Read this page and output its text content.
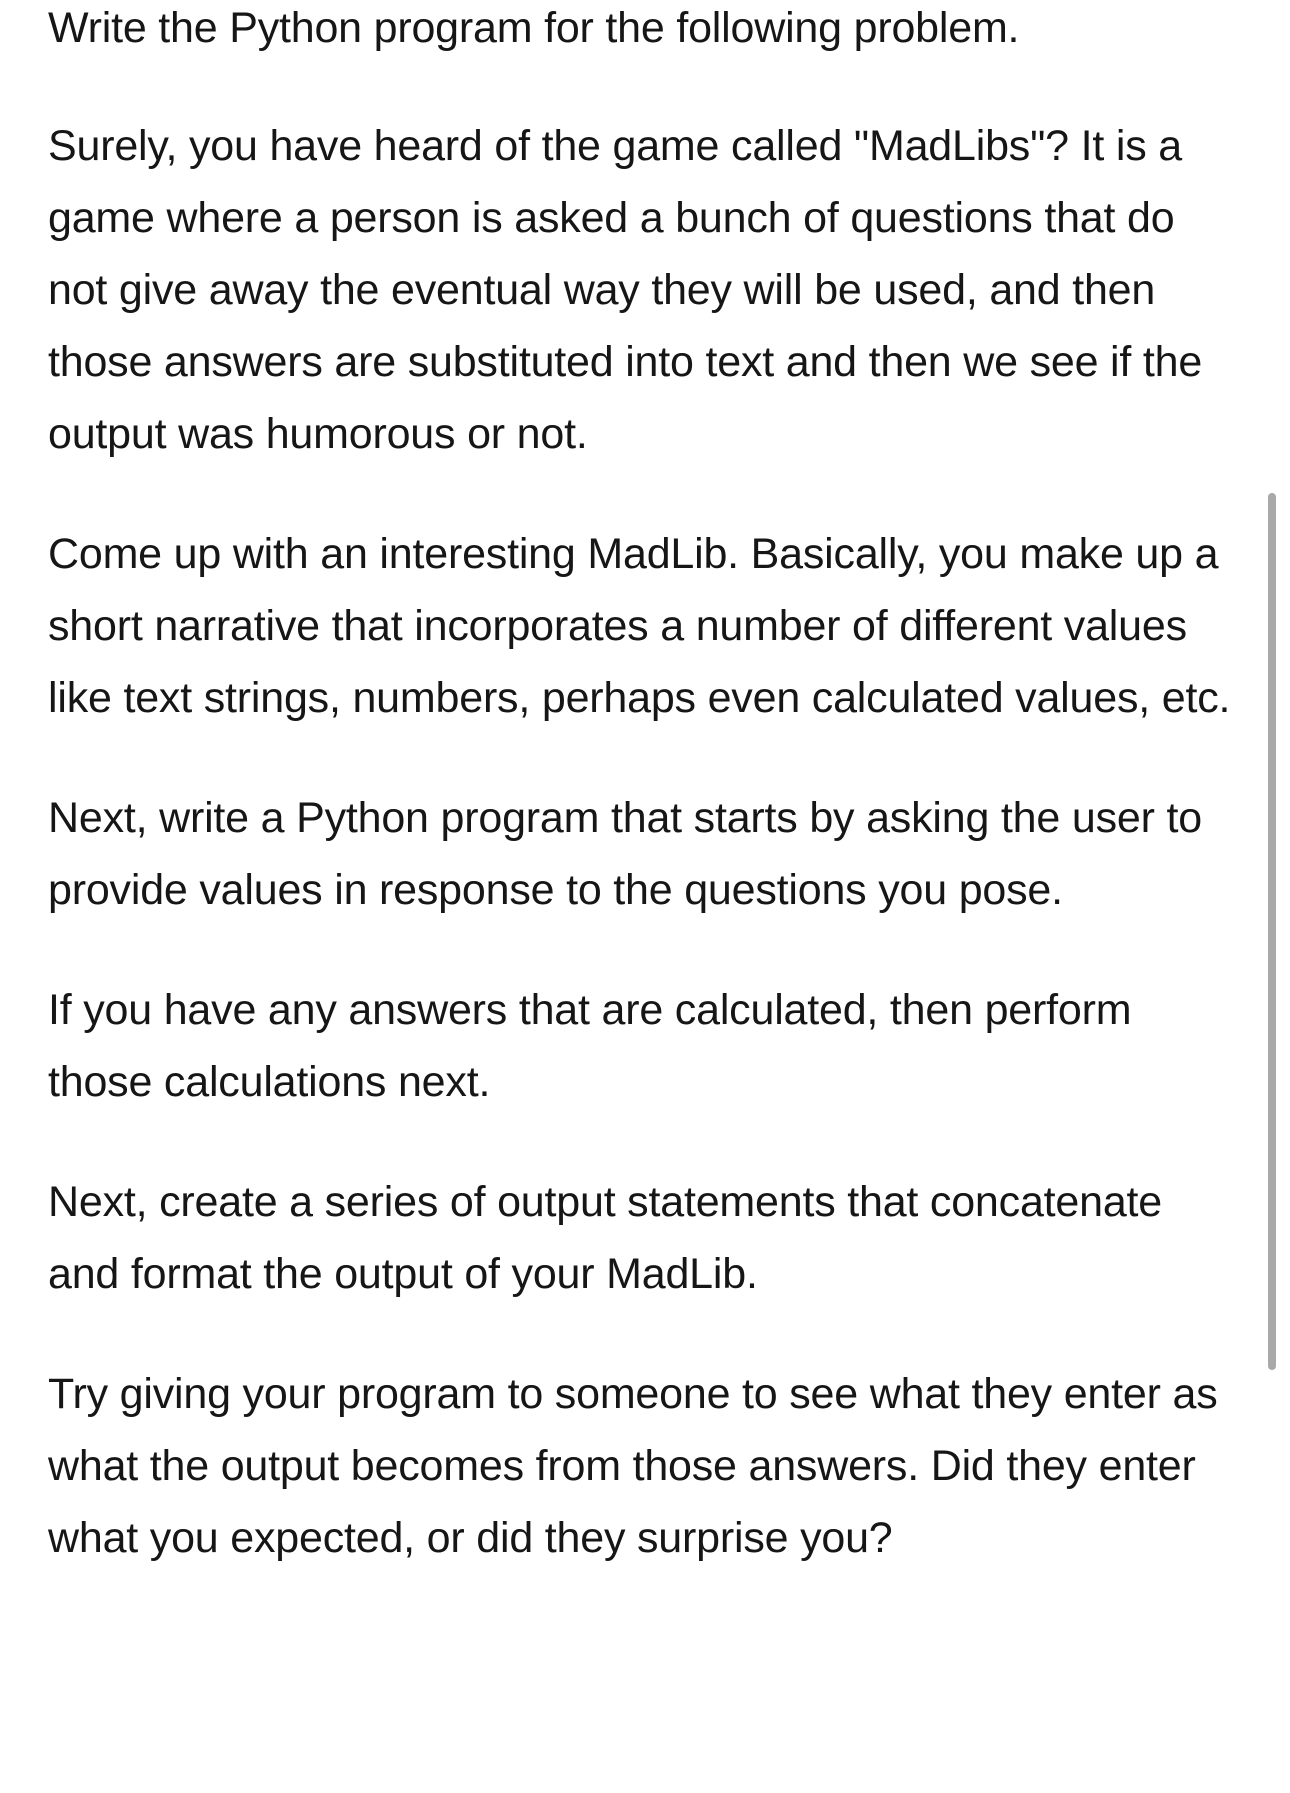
Write the Python program for the following problem.

Surely, you have heard of the game called "MadLibs"? It is a game where a person is asked a bunch of questions that do not give away the eventual way they will be used, and then those answers are substituted into text and then we see if the output was humorous or not.

Come up with an interesting MadLib. Basically, you make up a short narrative that incorporates a number of different values like text strings, numbers, perhaps even calculated values, etc.

Next, write a Python program that starts by asking the user to provide values in response to the questions you pose.

If you have any answers that are calculated, then perform those calculations next.

Next, create a series of output statements that concatenate and format the output of your MadLib.

Try giving your program to someone to see what they enter as what the output becomes from those answers. Did they enter what you expected, or did they surprise you?
